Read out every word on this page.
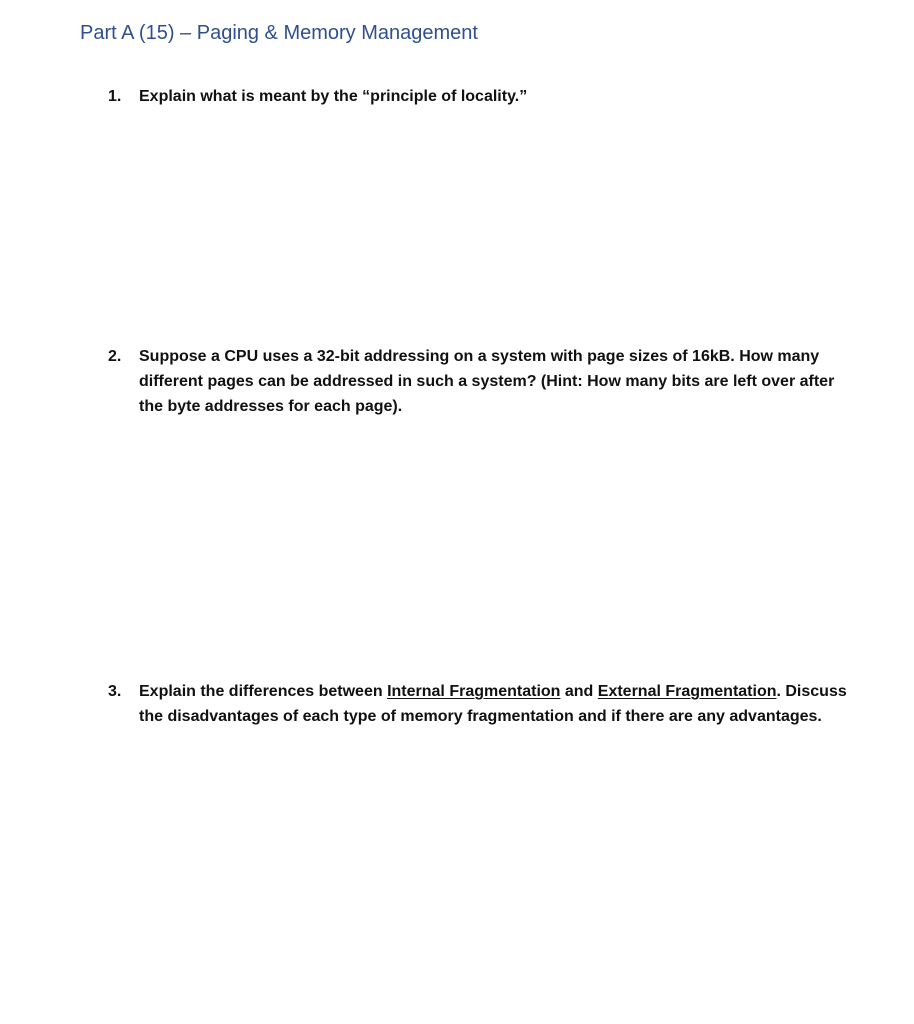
Part A (15) – Paging & Memory Management
1.	Explain what is meant by the “principle of locality.”
2.	Suppose a CPU uses a 32-bit addressing on a system with page sizes of 16kB. How many different pages can be addressed in such a system? (Hint: How many bits are left over after the byte addresses for each page).
3.	Explain the differences between Internal Fragmentation and External Fragmentation. Discuss the disadvantages of each type of memory fragmentation and if there are any advantages.
